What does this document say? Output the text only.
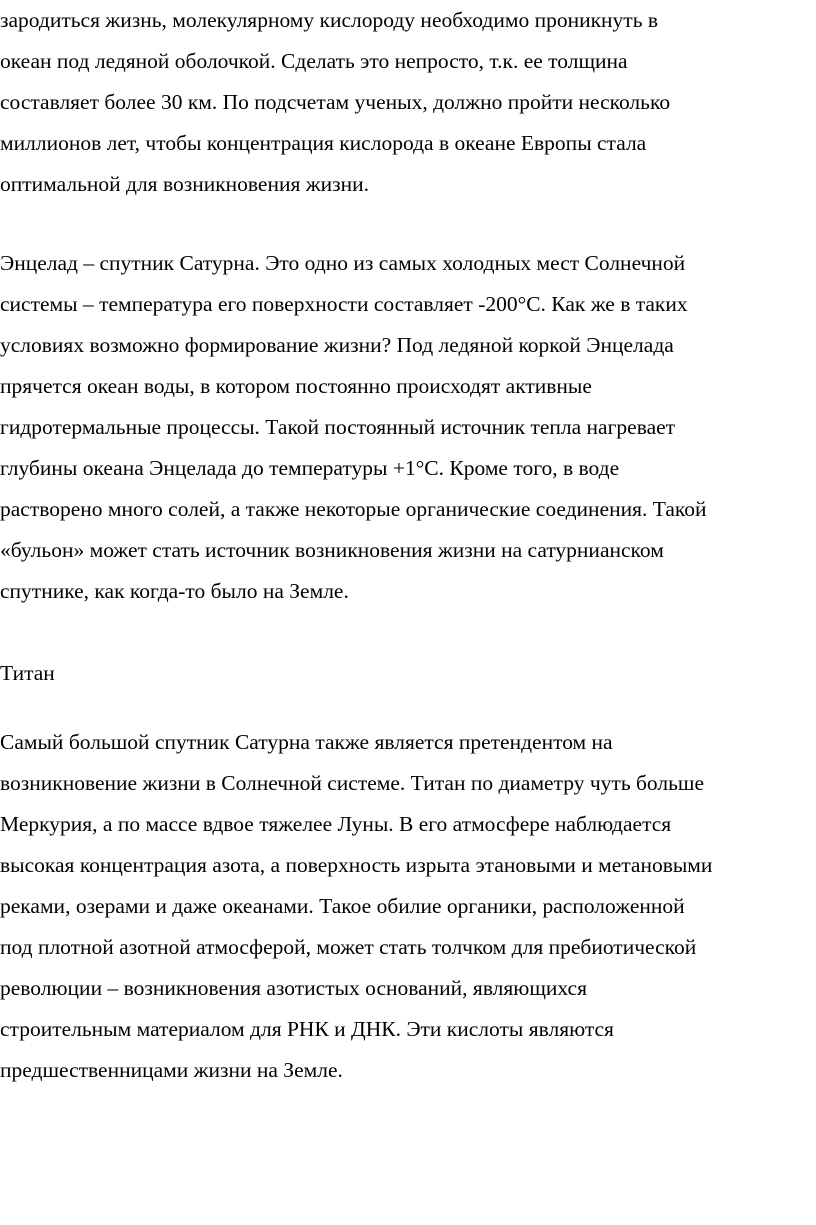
зародиться жизнь, молекулярному кислороду необходимо проникнуть в
океан под ледяной оболочкой. Сделать это непросто, т.к. ее толщина
составляет более 30 км. По подсчетам ученых, должно пройти несколько
миллионов лет, чтобы концентрация кислорода в океане Европы стала
оптимальной для возникновения жизни.
Энцелад – спутник Сатурна. Это одно из самых холодных мест Солнечной
системы – температура его поверхности составляет -200°С. Как же в таких
условиях возможно формирование жизни? Под ледяной коркой Энцелада
прячется океан воды, в котором постоянно происходят активные
гидротермальные процессы. Такой постоянный источник тепла нагревает
глубины океана Энцелада до температуры +1°С. Кроме того, в воде
растворено много солей, а также некоторые органические соединения. Такой
«бульон» может стать источник возникновения жизни на сатурнианском
спутнике, как когда-то было на Земле.
Титан
Самый большой спутник Сатурна также является претендентом на
возникновение жизни в Солнечной системе. Титан по диаметру чуть больше
Меркурия, а по массе вдвое тяжелее Луны. В его атмосфере наблюдается
высокая концентрация азота, а поверхность изрыта этановыми и метановыми
реками, озерами и даже океанами. Такое обилие органики, расположенной
под плотной азотной атмосферой, может стать толчком для пребиотической
революции – возникновения азотистых оснований, являющихся
строительным материалом для РНК и ДНК. Эти кислоты являются
предшественницами жизни на Земле.
